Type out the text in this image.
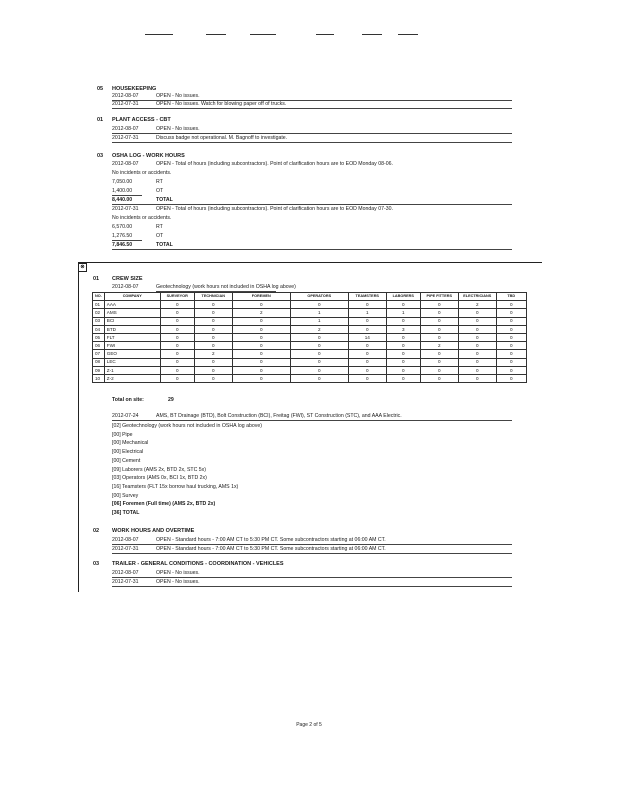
05 HOUSEKEEPING
2012-08-07	OPEN - No issues.
2012-07-31	OPEN - No issues. Watch for blowing paper off of trucks.
01 PLANT ACCESS - CBT
2012-08-07	OPEN - No issues.
2012-07-31	Discuss badge not operational. M. Bagnoff to investigate.
03 OSHA LOG - WORK HOURS
2012-08-07	OPEN - Total of hours (including subcontractors). Point of clarification hours are to EOD Monday 08-06.
No incidents or accidents.
7,050.00	RT
1,400.00	OT
8,440.00	TOTAL
2012-07-31	OPEN - Total of hours (including subcontractors). Point of clarification hours are to EOD Monday 07-30.
No incidents or accidents.
6,570.00	RT
1,276.50	OT
7,846.50	TOTAL
⊗
01 CREW SIZE
2012-08-07	Geotechnology (work hours not included in OSHA log above)
NO.	COMPANY	SURVEYOR	TECHNICIAN	FOREMEN	OPERATORS	TEAMSTERS	LABORERS	PIPE FITTERS	ELECTRICIANS	TBD
01	AAA	0	0	0	0	0	0	0	2	0
02	AMS	0	0	2	1	1	1	0	0	0
03	BCI	0	0	0	1	0	0	0	0	0
04	BTD	0	0	0	2	0	3	0	0	0
05	FLT	0	0	0	0	14	0	0	0	0
06	FWI	0	0	0	0	0	0	2	0	0
07	GEO	0	2	0	0	0	0	0	0	0
08	LEC	0	0	0	0	0	0	0	0	0
09	Z-1	0	0	0	0	0	0	0	0	0
10	Z-2	0	0	0	0	0	0	0	0	0
Total on site:	29
2012-07-24	AMS, BT Drainage (BTD), Bolt Construction (BCI), Freitag (FWI), ST Construction (STC), and AAA Electric.
[02] Geotechnology (work hours not included in OSHA log above)
[00] Pipe
[00] Mechanical
[00] Electrical
[00] Cement
[09] Laborers (AMS 2x, BTD 2x, STC 5x)
[03] Operators (AMS 0x, BCI 1x, BTD 2x)
[16] Teamsters (FLT 15x borrow haul trucking, AMS 1x)
[00] Survey
[06] Foremen (Full time) (AMS 2x, BTD 2x)
[36] TOTAL
02 WORK HOURS AND OVERTIME
2012-08-07	OPEN - Standard hours - 7:00 AM CT to 5:30 PM CT. Some subcontractors starting at 06:00 AM CT.
2012-07-31	OPEN - Standard hours - 7:00 AM CT to 5:30 PM CT. Some subcontractors starting at 06:00 AM CT.
03 TRAILER - GENERAL CONDITIONS - COORDINATION - VEHICLES
2012-08-07	OPEN - No issues.
2012-07-31	OPEN - No issues.
Page 2 of 5
